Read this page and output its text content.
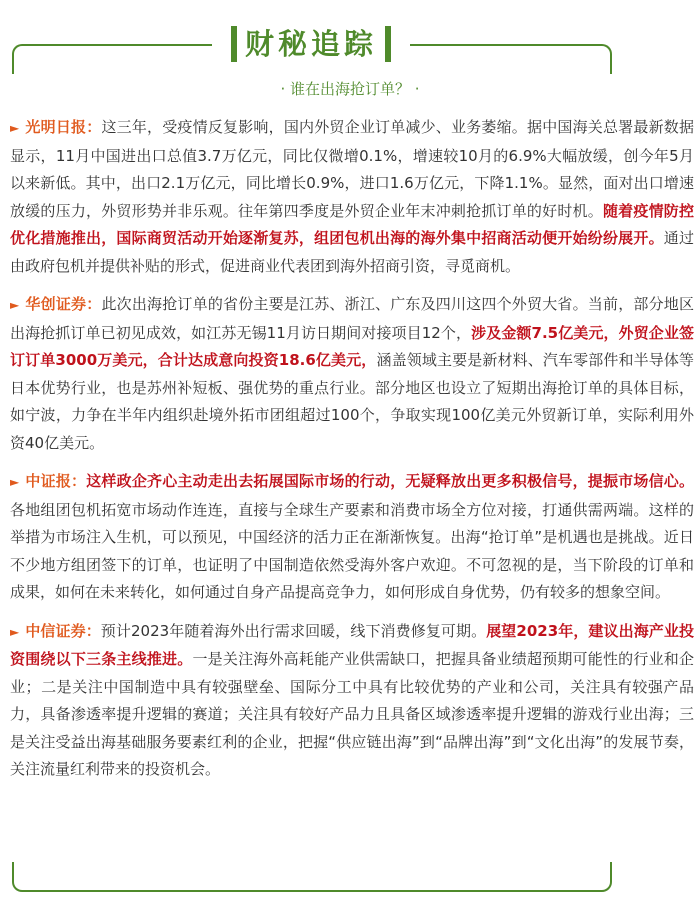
财秘追踪
· 谁在出海抢订单？ ·

► 光明日报：这三年，受疫情反复影响，国内外贸企业订单减少、业务萎缩。据中国海关总署最新数据显示，11月中国进出口总值3.7万亿元，同比仅微增0.1%，增速较10月的6.9%大幅放缓，创今年5月以来新低。其中，出口2.1万亿元，同比增长0.9%，进口1.6万亿元，下降1.1%。显然，面对出口增速放缓的压力，外贸形势并非乐观。往年第四季度是外贸企业年末冲刺抢抓订单的好时机。随着疫情防控优化措施推出，国际商贸活动开始逐渐复苏，组团包机出海的海外集中招商活动便开始纷纷展开。通过由政府包机并提供补贴的形式，促进商业代表团到海外招商引资，寻觅商机。

► 华创证券：此次出海抢订单的省份主要是江苏、浙江、广东及四川这四个外贸大省。当前，部分地区出海抢抓订单已初见成效，如江苏无锡11月访日期间对接项目12个，涉及金额7.5亿美元，外贸企业签订订单3000万美元，合计达成意向投资18.6亿美元，涵盖领域主要是新材料、汽车零部件和半导体等日本优势行业，也是苏州补短板、强优势的重点行业。部分地区也设立了短期出海抢订单的具体目标，如宁波，力争在半年内组织赴境外拓市团组超过100个，争取实现100亿美元外贸新订单，实际利用外资40亿美元。

► 中证报：这样政企齐心主动走出去拓展国际市场的行动，无疑释放出更多积极信号，提振市场信心。各地组团包机拓宽市场动作连连，直接与全球生产要素和消费市场全方位对接，打通供需两端。这样的举措为市场注入生机，可以预见，中国经济的活力正在渐渐恢复。出海“抢订单”是机遇也是挑战。近日不少地方组团签下的订单，也证明了中国制造依然受海外客户欢迎。不可忽视的是，当下阶段的订单和成果，如何在未来转化，如何通过自身产品提高竞争力，如何形成自身优势，仍有较多的想象空间。

► 中信证券：预计2023年随着海外出行需求回暖，线下消费修复可期。展望2023年，建议出海产业投资围绕以下三条主线推进。一是关注海外高耗能产业供需缺口，把握具备业绩超预期可能性的行业和企业；二是关注中国制造中具有较强壁垒、国际分工中具有比较优势的产业和公司，关注具有较强产品力，具备渗透率提升逻辑的赛道；关注具有较好产品力且具备区域渗透率提升逻辑的游戏行业出海；三是关注受益出海基础服务要素红利的企业，把握“供应链出海”到“品牌出海”到“文化出海”的发展节奏，关注流量红利带来的投资机会。
